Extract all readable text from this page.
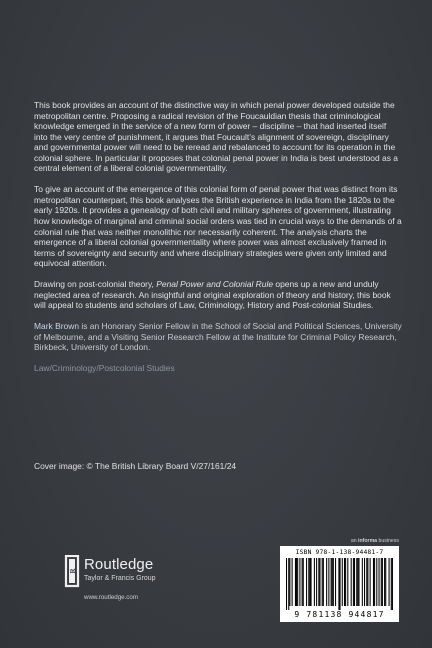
This book provides an account of the distinctive way in which penal power developed outside the metropolitan centre. Proposing a radical revision of the Foucauldian thesis that criminological knowledge emerged in the service of a new form of power – discipline – that had inserted itself into the very centre of punishment, it argues that Foucault’s alignment of sovereign, disciplinary and governmental power will need to be reread and rebalanced to account for its operation in the colonial sphere. In particular it proposes that colonial penal power in India is best understood as a central element of a liberal colonial governmentality.

To give an account of the emergence of this colonial form of penal power that was distinct from its metropolitan counterpart, this book analyses the British experience in India from the 1820s to the early 1920s. It provides a genealogy of both civil and military spheres of government, illustrating how knowledge of marginal and criminal social orders was tied in crucial ways to the demands of a colonial rule that was neither monolithic nor necessarily coherent. The analysis charts the emergence of a liberal colonial governmentality where power was almost exclusively framed in terms of sovereignty and security and where disciplinary strategies were given only limited and equivocal attention.

Drawing on post-colonial theory, Penal Power and Colonial Rule opens up a new and unduly neglected area of research. An insightful and original exploration of theory and history, this book will appeal to students and scholars of Law, Criminology, History and Post-colonial Studies.

Mark Brown is an Honorary Senior Fellow in the School of Social and Political Sciences, University of Melbourne, and a Visiting Senior Research Fellow at the Institute for Criminal Policy Research, Birkbeck, University of London.

Law/Criminology/Postcolonial Studies

Cover image: © The British Library Board V/27/161/24
R Routledge
Taylor & Francis Group
www.routledge.com
an informa business
ISBN 978-1-138-94481-7
9 781138 944817
